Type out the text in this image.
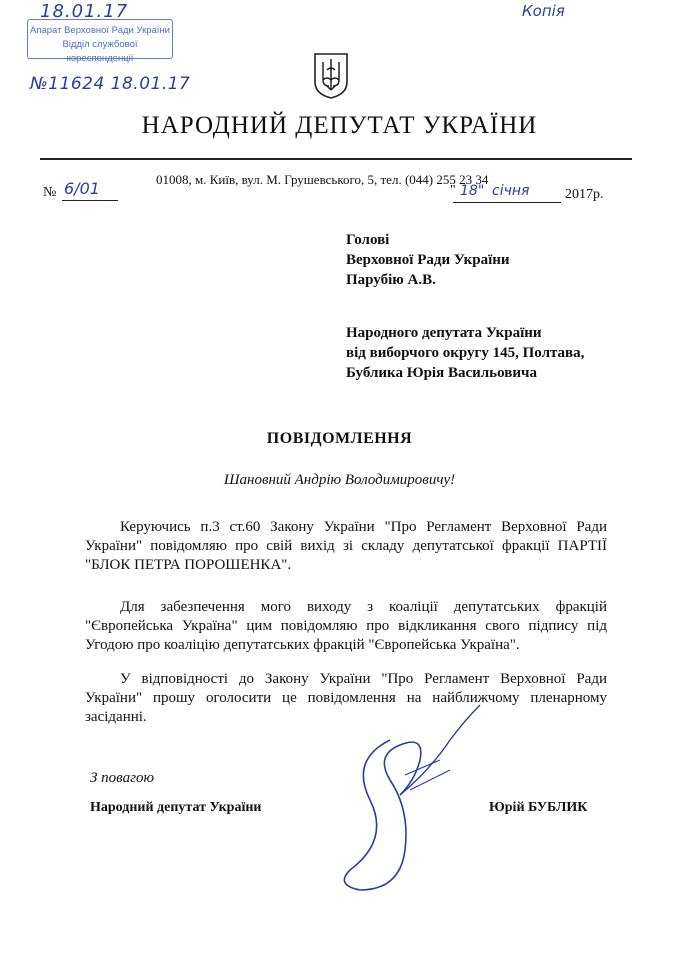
18.01.17
Апарат Верховної Ради України
Відділ службової кореспонденції
№11624 18.01.17
Копія
НАРОДНИЙ ДЕПУТАТ УКРАЇНИ
01008, м. Київ, вул. М. Грушевського, 5, тел. (044) 255 23 34
№ 6/01	" 18" січня	2017р.
Голові
Верховної Ради України
Парубію А.В.
Народного депутата України
від виборчого округу 145, Полтава,
Бублика Юрія Васильовича
ПОВІДОМЛЕННЯ
Шановний Андрію Володимировичу!
Керуючись п.3 ст.60 Закону України "Про Регламент Верховної Ради України" повідомляю про свій вихід зі складу депутатської фракції ПАРТІЇ "БЛОК ПЕТРА ПОРОШЕНКА".
Для забезпечення мого виходу з коаліції депутатських фракцій "Європейська Україна" цим повідомляю про відкликання свого підпису під Угодою про коаліцію депутатських фракцій "Європейська Україна".
У відповідності до Закону України "Про Регламент Верховної Ради України" прошу оголосити це повідомлення на найближчому пленарному засіданні.
З повагою
Народний депутат України	Юрій БУБЛИК
